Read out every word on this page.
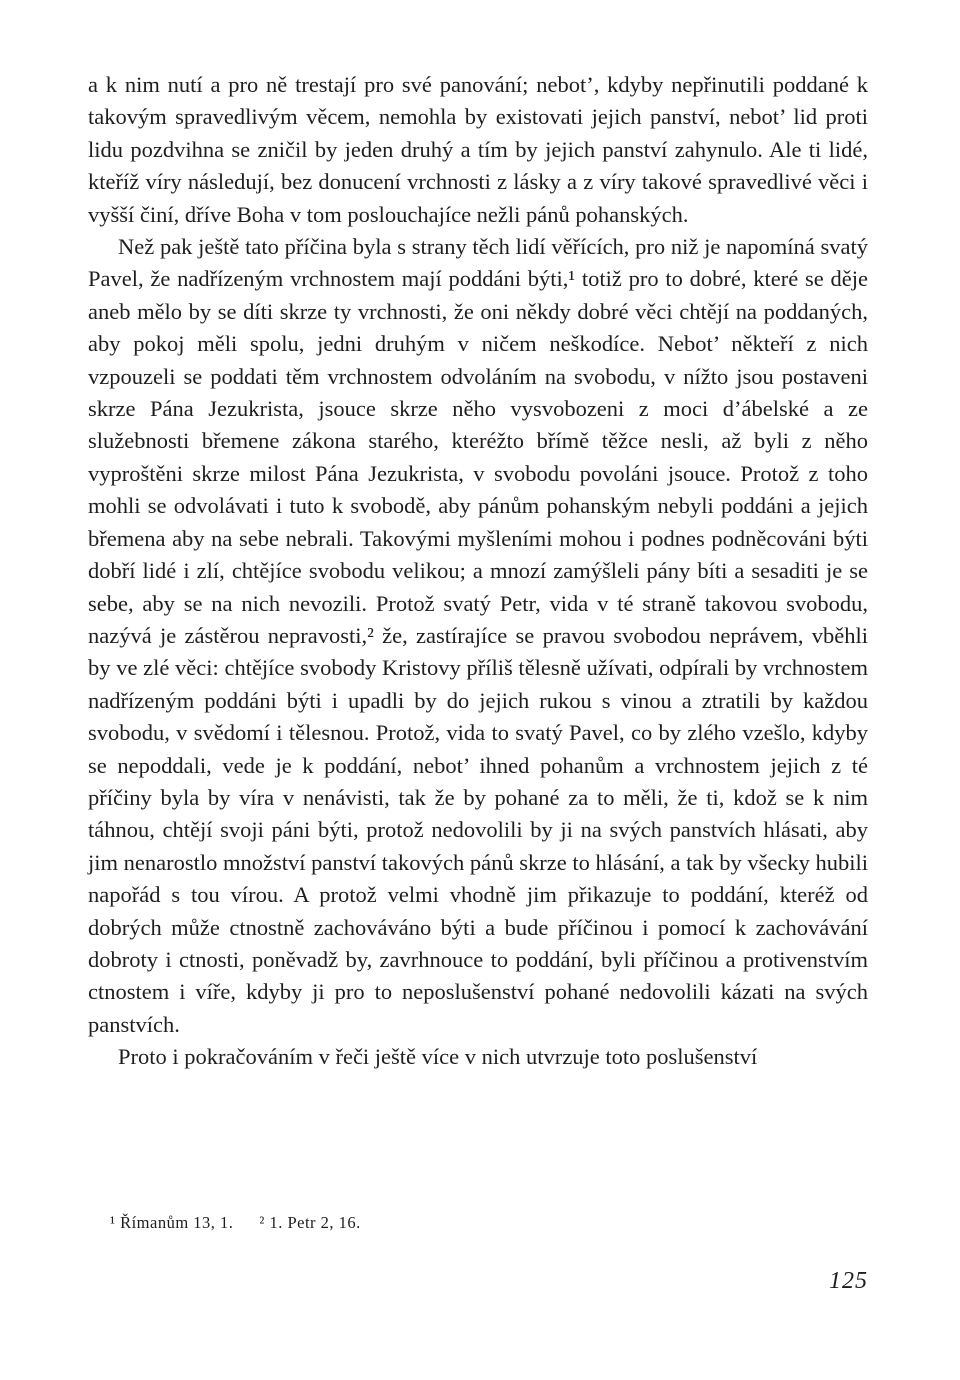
a k nim nutí a pro ně trestají pro své panování; nebot’, kdyby nepřinutili poddané k takovým spravedlivým věcem, nemohla by existovati jejich panství, nebot’ lid proti lidu pozdvihna se zničil by jeden druhý a tím by jejich panství zahynulo. Ale ti lidé, kteříž víry následují, bez donucení vrchnosti z lásky a z víry takové spravedlivé věci i vyšší činí, dříve Boha v tom poslouchajíce nežli pánů pohanských.

Než pak ještě tato příčina byla s strany těch lidí věřících, pro niž je napomíná svatý Pavel, že nadřízeným vrchnostem mají poddáni býti,¹ totiž pro to dobré, které se děje aneb mělo by se díti skrze ty vrchnosti, že oni někdy dobré věci chtějí na poddaných, aby pokoj měli spolu, jedni druhým v ničem neškodíce. Nebot’ někteří z nich vzpouzeli se poddati těm vrchnostem odvoláním na svobodu, v nížto jsou postaveni skrze Pána Jezukrista, jsouce skrze něho vysvobozeni z moci d’ábelské a ze služebnosti břemene zákona starého, kteréžto břímě těžce nesli, až byli z něho vyproštěni skrze milost Pána Jezukrista, v svobodu povoláni jsouce. Protož z toho mohli se odvolávati i tuto k svobodě, aby pánům pohanským nebyli poddáni a jejich břemena aby na sebe nebrali. Takovými myšleními mohou i podnes podněcováni býti dobří lidé i zlí, chtějíce svobodu velikou; a mnozí zamýšleli pány bíti a sesaditi je se sebe, aby se na nich nevozili. Protož svatý Petr, vida v té straně takovou svobodu, nazývá je zástěrou nepravosti,² že, zastírajíce se pravou svobodou neprávem, vběhli by ve zlé věci: chtějíce svobody Kristovy příliš tělesně užívati, odpírali by vrchnostem nadřízeným poddáni býti i upadli by do jejich rukou s vinou a ztratili by každou svobodu, v svědomí i tělesnou. Protož, vida to svatý Pavel, co by zlého vzešlo, kdyby se nepoddali, vede je k poddání, nebot’ ihned pohanům a vrchnostem jejich z té příčiny byla by víra v nenávisti, tak že by pohané za to měli, že ti, kdož se k nim táhnou, chtějí svoji páni býti, protož nedovolili by ji na svých panstvích hlásati, aby jim nenarostlo množství panství takových pánů skrze to hlásání, a tak by všecky hubili napořád s tou vírou. A protož velmi vhodně jim přikazuje to poddání, kteréž od dobrých může ctnostně zachováváno býti a bude příčinou i pomocí k zachovávání dobroty i ctnosti, poněvadž by, zavrhnouce to poddání, byli příčinou a protivenstvím ctnostem i víře, kdyby ji pro to neposlušenství pohané nedovolili kázati na svých panstvích.

Proto i pokračováním v řeči ještě více v nich utvrzuje toto poslušenství

¹ Římanům 13, 1. ² 1. Petr 2, 16.
125
